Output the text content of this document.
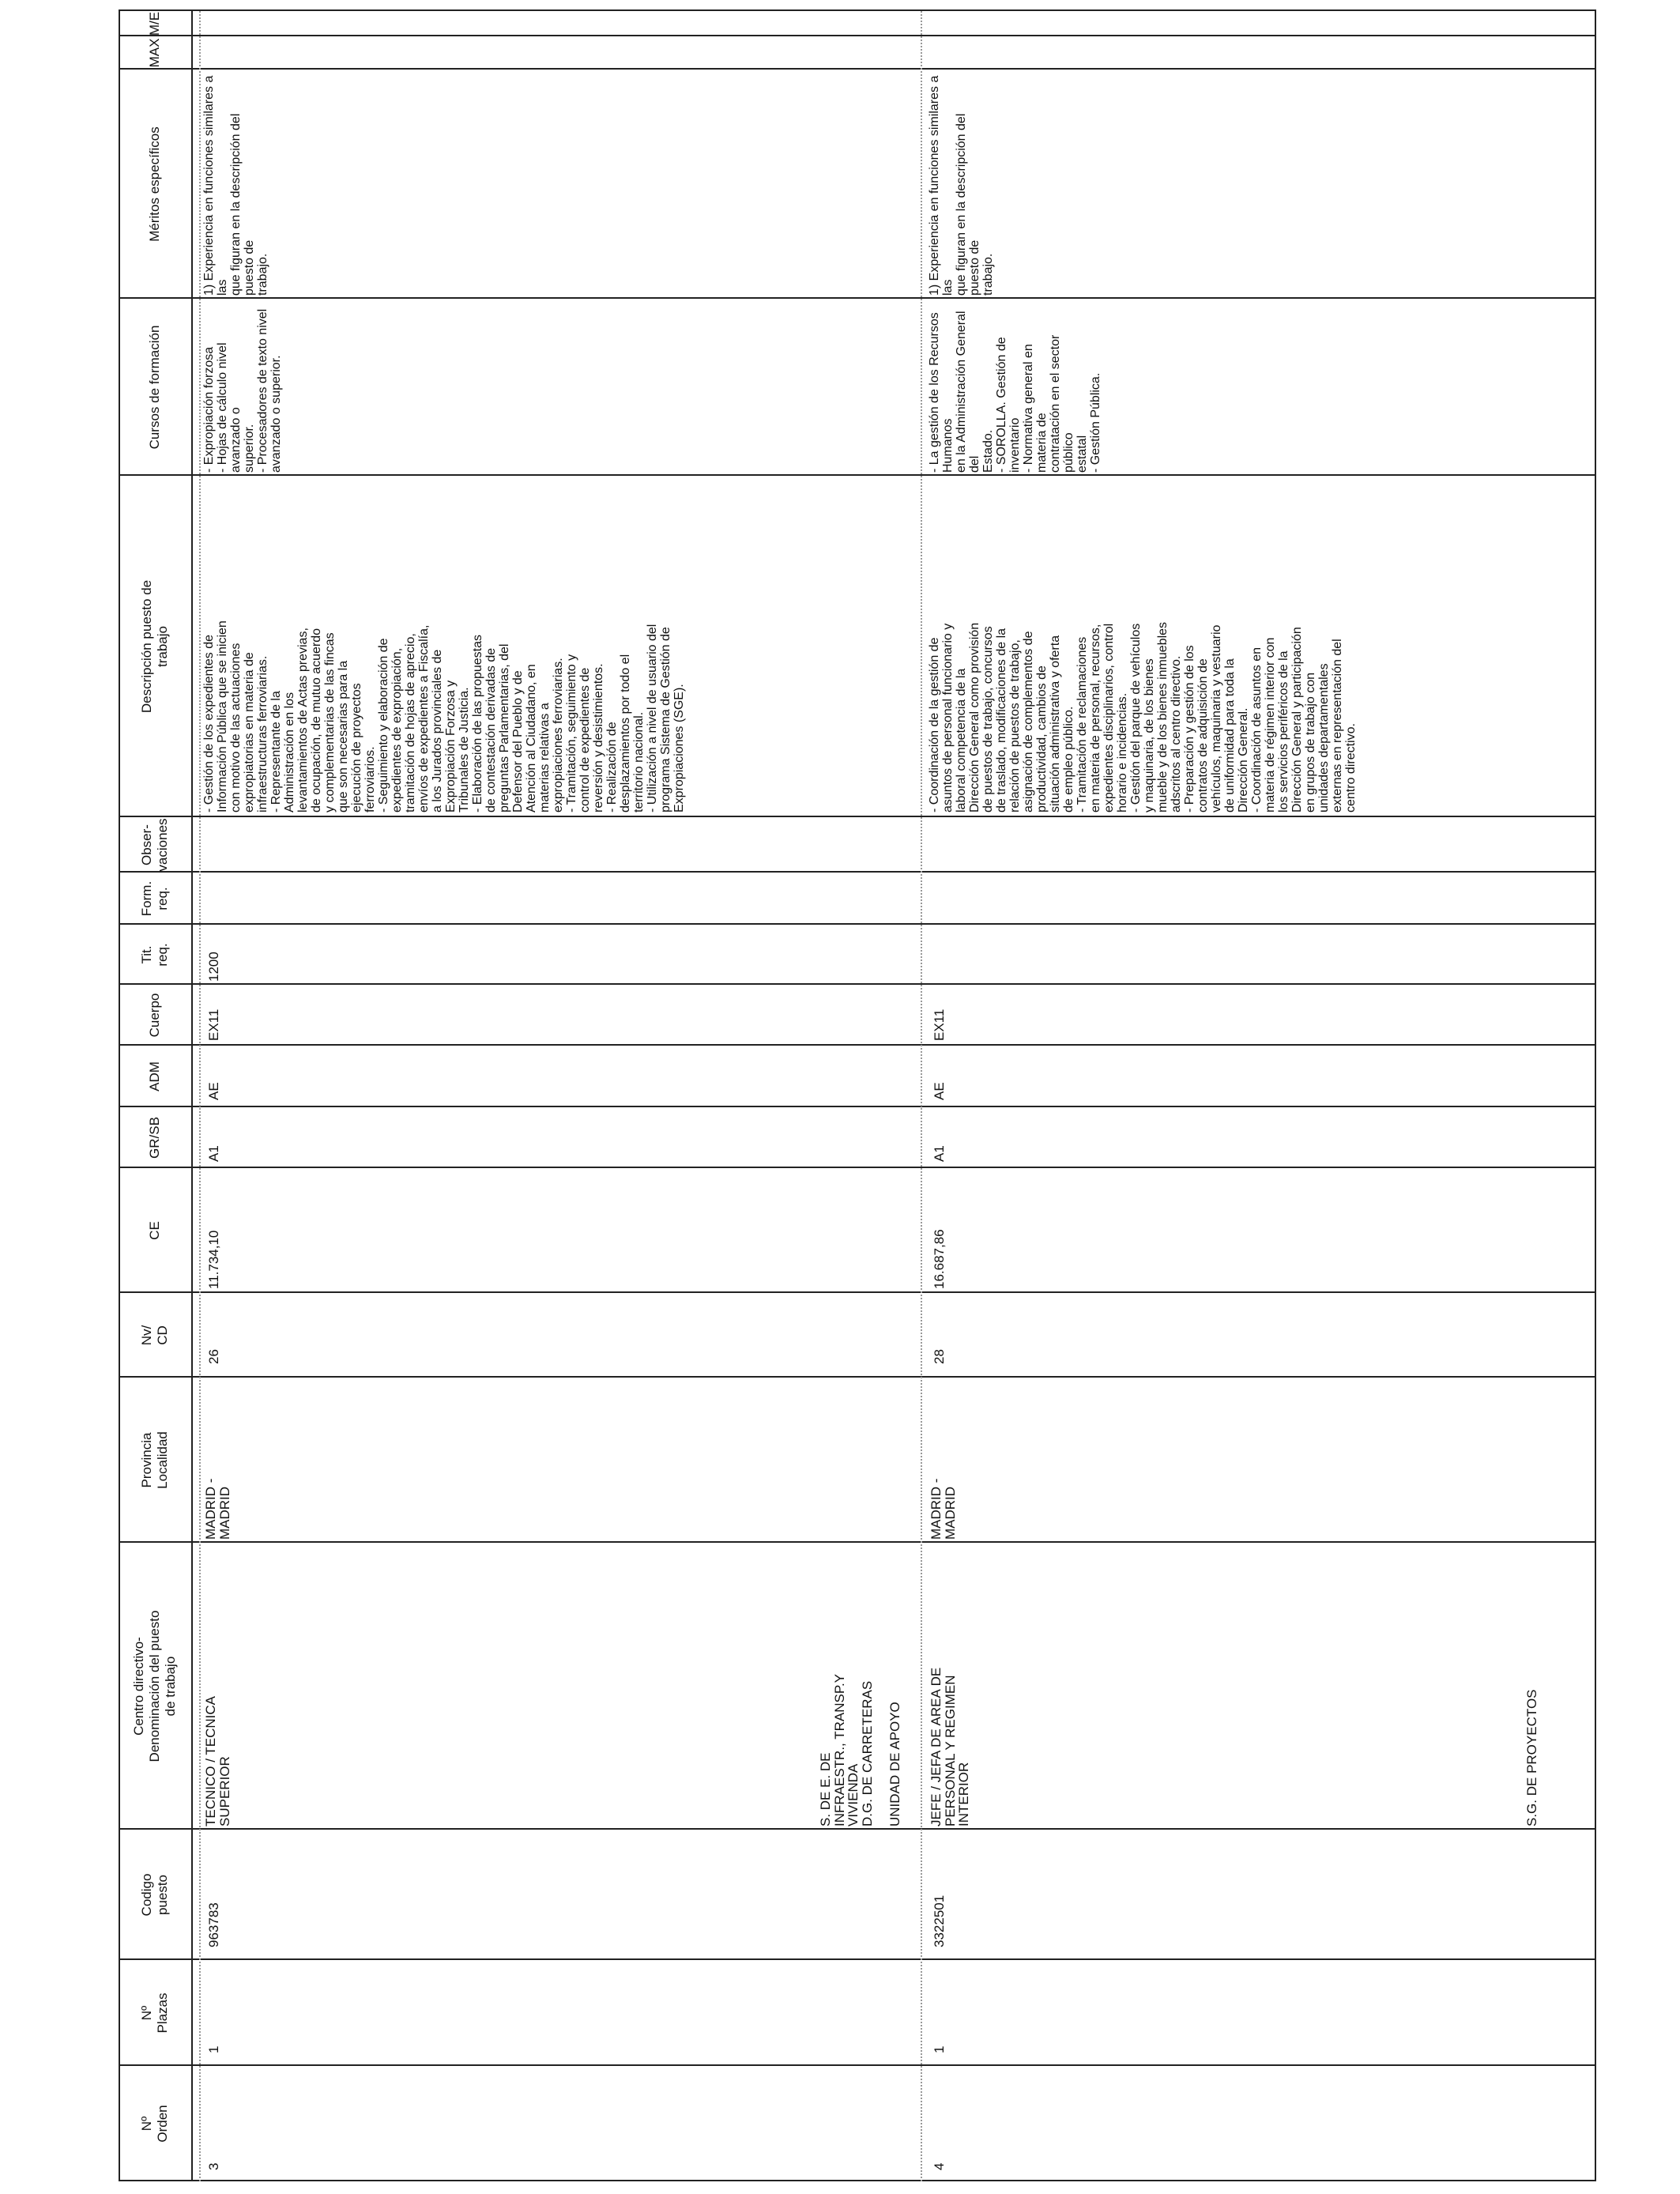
Nº
Orden
Nº
Plazas
Codigo
puesto
Centro directivo-
Denominación del puesto
de trabajo
Provincia
Localidad
Nv/
CD
CE
GR/SB
ADM
Cuerpo
Tit.
req.
Form.
req.
Obser-
vaciones
Descripción puesto de
trabajo
Cursos de formación
3
1
963783
TECNICO / TECNICA
SUPERIOR
MADRID -
MADRID
26
11.734,10
A1
AE
EX11
1200
- Gestión de los expedientes de
Información Pública que se inicien
con motivo de las actuaciones
expropiatorias en materia de
infraestructuras ferroviarias.
- Representante de la
Administración en los
levantamientos de Actas previas,
de ocupación, de mutuo acuerdo
y complementarias de las fincas
que son necesarias para la
ejecución de proyectos
ferroviarios.
- Seguimiento y elaboración de
expedientes de expropiación,
tramitación de hojas de aprecio,
envíos de expedientes a Fiscalía,
a los Jurados provinciales de
Expropiación Forzosa y
Tribunales de Justicia.
- Elaboración de las propuestas
de contestación derivadas de
preguntas Parlamentarias, del
Defensor del Pueblo y de
Atención al Ciudadano, en
materias relativas a
expropiaciones ferroviarias.
- Tramitación, seguimiento y
control de expedientes de
reversión y desistimientos.
- Realización de
desplazamientos por todo el
territorio nacional.
- Utilización a nivel de usuario del
programa Sistema de Gestión de
Expropiaciones (SGE).
- Expropiación forzosa
- Hojas de cálculo nivel avanzado o
superior.
- Procesadores de texto nivel
avanzado o superior.
S. DE E. DE
INFRAESTR., TRANSP.Y
VIVIENDA
D.G. DE CARRETERAS

UNIDAD DE APOYO
4
1
3322501
JEFE / JEFA DE AREA DE
PERSONAL Y REGIMEN
INTERIOR
MADRID -
MADRID
28
16.687,86
A1
AE
EX11
- Coordinación de la gestión de
asuntos de personal funcionario y
laboral competencia de la
Dirección General como provisión
de puestos de trabajo, concursos
de traslado, modificaciones de la
relación de puestos de trabajo,
asignación de complementos de
productividad, cambios de
situación administrativa y oferta
de empleo público.
- Tramitación de reclamaciones
en materia de personal, recursos,
expedientes disciplinarios, control
horario e incidencias.
- Gestión del parque de vehículos
y maquinaria, de los bienes
mueble y de los bienes inmuebles
adscritos al centro directivo.
- Preparación y gestión de los
contratos de adquisición de
vehículos, maquinaria y vestuario
de uniformidad para toda la
Dirección General.
- Coordinación de asuntos en
materia de régimen interior con
los servicios periféricos de la
Dirección General y participación
en grupos de trabajo con
unidades departamentales
externas en representación del
centro directivo.
- La gestión de los Recursos Humanos
en la Administración General del
Estado.
- SOROLLA. Gestión de inventario
- Normativa general en materia de
contratación en el sector público
estatal
- Gestión Pública.
S.G. DE PROYECTOS
Méritos específicos
MAX
M/E
1) Experiencia en funciones similares a las
que figuran en la descripción del puesto de
trabajo.	1) Experiencia en funciones similares a las
que figuran en la descripción del puesto de
trabajo.
